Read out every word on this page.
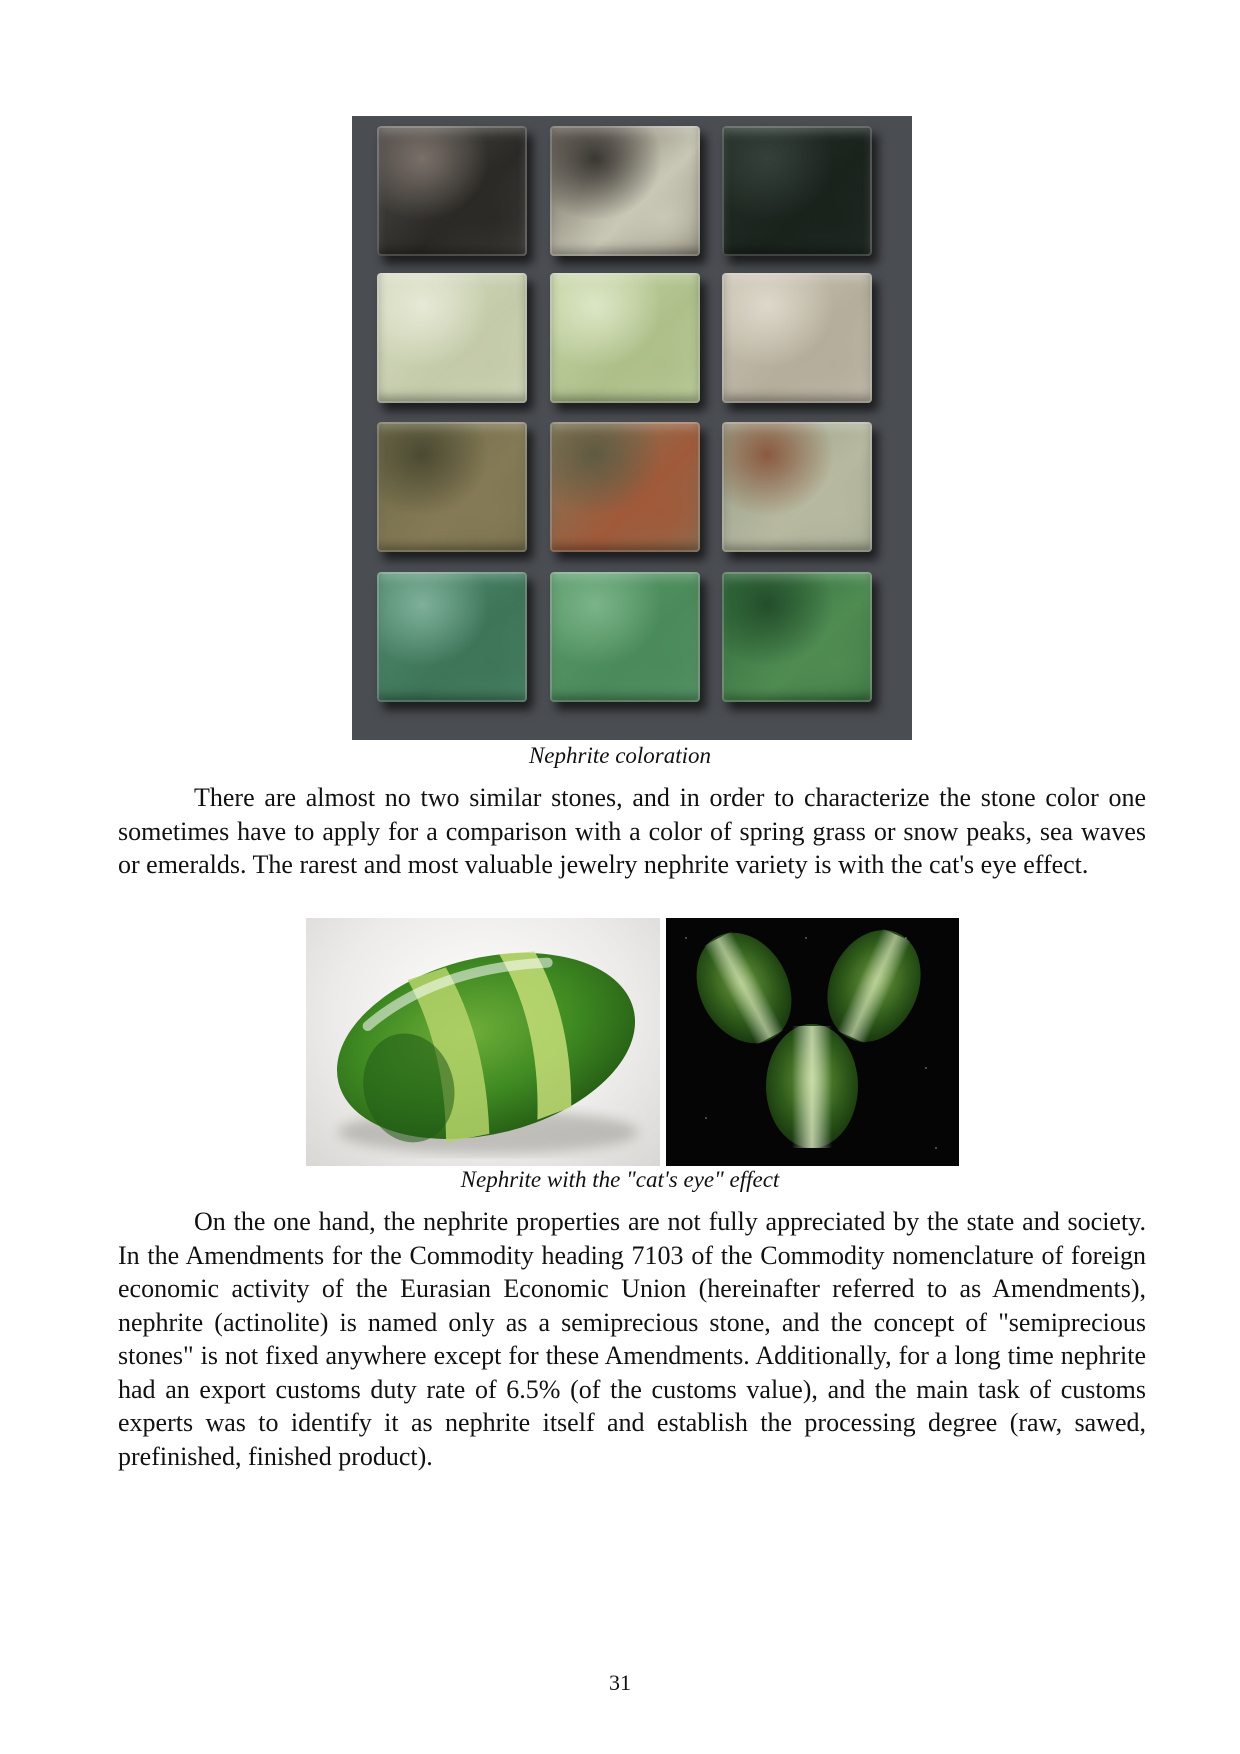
Nephrite coloration

There are almost no two similar stones, and in order to characterize the stone color one sometimes have to apply for a comparison with a color of spring grass or snow peaks, sea waves or emeralds. The rarest and most valuable jewelry nephrite variety is with the cat's eye effect.

Nephrite with the "cat's eye" effect

On the one hand, the nephrite properties are not fully appreciated by the state and society. In the Amendments for the Commodity heading 7103 of the Commodity nomenclature of foreign economic activity of the Eurasian Economic Union (hereinafter referred to as Amendments), nephrite (actinolite) is named only as a semiprecious stone, and the concept of "semiprecious stones" is not fixed anywhere except for these Amendments. Additionally, for a long time nephrite had an export customs duty rate of 6.5% (of the customs value), and the main task of customs experts was to identify it as nephrite itself and establish the processing degree (raw, sawed, prefinished, finished product).

31
